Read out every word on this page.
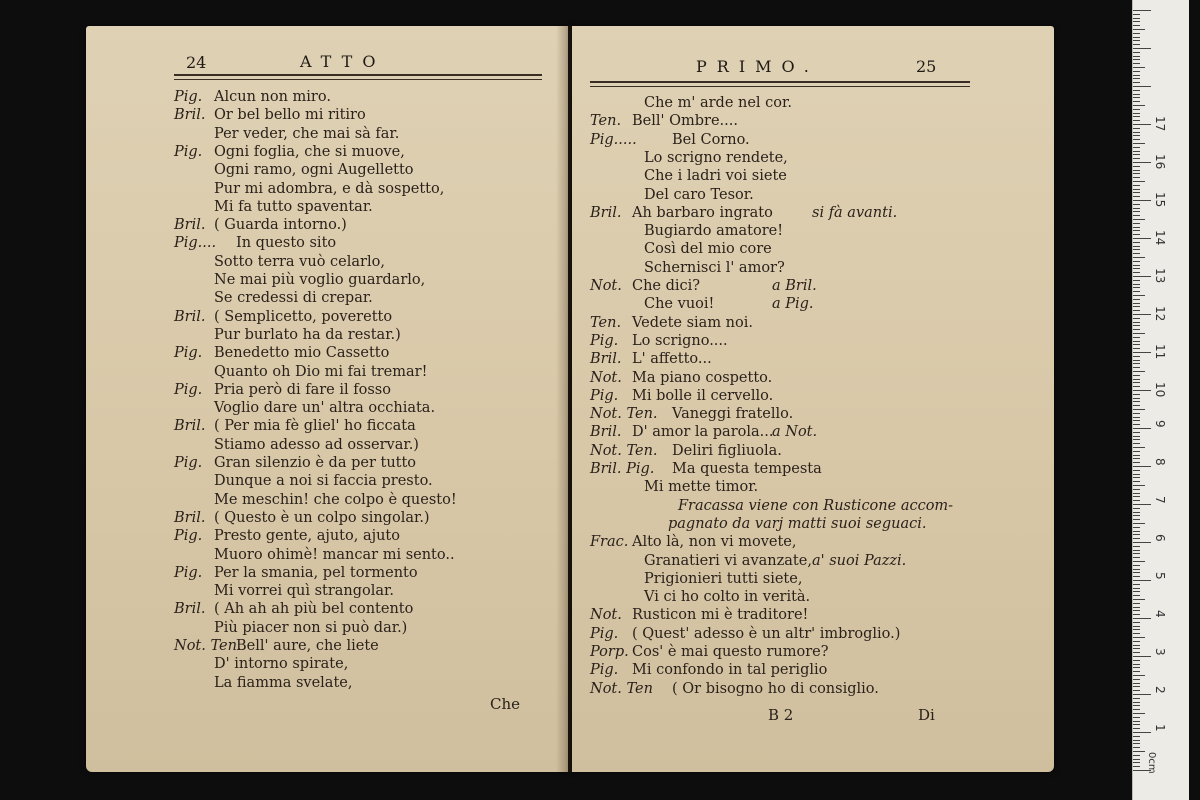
24	ATTO
Pig. Alcun non miro.
Bril. Or bel bello mi ritiro
Per veder, che mai sà far.
Pig. Ogni foglia, che si muove,
Ogni ramo, ogni Augelletto
Pur mi adombra, e dà sospetto,
Mi fa tutto spaventar.
Bril. ( Guarda intorno.)
Pig.... In questo sito
Sotto terra vuò celarlo,
Ne mai più voglio guardarlo,
Se credessi di crepar.
Bril. ( Semplicetto, poveretto
Pur burlato ha da restar.)
Pig. Benedetto mio Cassetto
Quanto oh Dio mi fai tremar!
Pig. Pria però di fare il fosso
Voglio dare un' altra occhiata.
Bril. ( Per mia fè gliel' ho ficcata
Stiamo adesso ad osservar.)
Pig. Gran silenzio è da per tutto
Dunque a noi si faccia presto.
Me meschin! che colpo è questo!
Bril. ( Questo è un colpo singolar.)
Pig. Presto gente, ajuto, ajuto
Muoro ohimè! mancar mi sento..
Pig. Per la smania, pel tormento
Mi vorrei quì strangolar.
Bril. ( Ah ah ah più bel contento
Più piacer non si può dar.)
Not. Ten.
Bell' aure, che liete
D' intorno spirate,
La fiamma svelate,
Che
PRIMO.	25
Che m' arde nel cor.
Ten. Bell' Ombre....
Pig..... Bel Corno.
Lo scrigno rendete,
Che i ladri voi siete
Del caro Tesor.
Bril. Ah barbaro ingrato	si fà avanti.
Bugiardo amatore!
Così del mio core
Schernisci l' amor?
Not. Che dici?	a Bril.
Che vuoi!	a Pig.
Ten. Vedete siam noi.
Pig. Lo scrigno....
Bril. L' affetto...
Not. Ma piano cospetto.
Pig. Mi bolle il cervello.
Not. Ten. Vaneggi fratello.
Bril. D' amor la parola...
a Not.
Not. Ten. Deliri figliuola.
Bril. Pig. Ma questa tempesta
Mi mette timor.
Fracassa viene con Rusticone accom-
pagnato da varj matti suoi seguaci.
Frac. Alto là, non vi movete,
Granatieri vi avanzate, a' suoi Pazzi.
Prigionieri tutti siete,
Vi ci ho colto in verità.
Not. Rusticon mi è traditore!
Pig. ( Quest' adesso è un altr' imbroglio.)
Porp. Cos' è mai questo rumore?
Pig. Mi confondo in tal periglio
Not. Ten ( Or bisogno ho di consiglio.
B 2	Di
1
2
3
4
5
6
7
8
9
10
11
12
13
14
15
16
17
0cm
